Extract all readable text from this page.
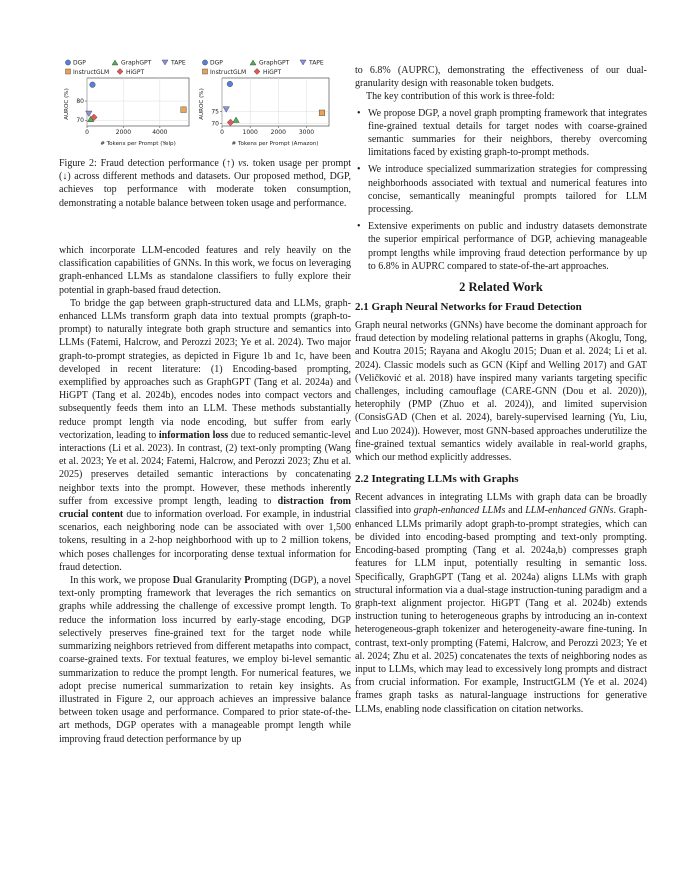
DGP	GraphGPT	TAPE
InstructGLM	HiGPT
DGP	GraphGPT	TAPE
InstructGLM	HiGPT
AUROC (%)
# Tokens per Prompt (Yelp)
0	2000	4000
70
80	AUROC (%)
# Tokens per Prompt (Amazon)
0	1000 2000 3000
70
75

Figure 2: Fraud detection performance (↑) vs. token usage per prompt (↓) across different methods and datasets. Our proposed method, DGP, achieves top performance with moderate token consumption, demonstrating a notable balance between token usage and performance.

which incorporate LLM-encoded features and rely heavily on the classification capabilities of GNNs. In this work, we focus on leveraging graph-enhanced LLMs as standalone classifiers to fully explore their potential in graph-based fraud detection.

To bridge the gap between graph-structured data and LLMs, graph-enhanced LLMs transform graph data into textual prompts (graph-to-prompt) to naturally integrate both graph structure and semantics into LLMs (Fatemi, Halcrow, and Perozzi 2023; Ye et al. 2024). Two major graph-to-prompt strategies, as depicted in Figure 1b and 1c, have been developed in recent literature: (1) Encoding-based prompting, exemplified by approaches such as GraphGPT (Tang et al. 2024a) and HiGPT (Tang et al. 2024b), encodes nodes into compact vectors and subsequently feeds them into an LLM. These methods substantially reduce prompt length via node encoding, but suffer from early vectorization, leading to information loss due to reduced semantic-level interactions (Li et al. 2023). In contrast, (2) text-only prompting (Wang et al. 2023; Ye et al. 2024; Fatemi, Halcrow, and Perozzi 2023; Zhu et al. 2025) preserves detailed semantic interactions by concatenating neighbor texts into the prompt. However, these methods inherently suffer from excessive prompt length, leading to distraction from crucial content due to information overload. For example, in industrial scenarios, each neighboring node can be associated with over 1,500 tokens, resulting in a 2-hop neighborhood with up to 2 million tokens, which poses challenges for incorporating dense textual information for fraud detection.

In this work, we propose Dual Granularity Prompting (DGP), a novel text-only prompting framework that leverages the rich semantics on graphs while addressing the challenge of excessive prompt length. To reduce the information loss incurred by early-stage encoding, DGP selectively preserves fine-grained text for the target node while summarizing neighbors retrieved from different metapaths into compact, coarse-grained texts. For textual features, we employ bi-level semantic summarization to reduce the prompt length. For numerical features, we adopt precise numerical summarization to retain key insights. As illustrated in Figure 2, our approach achieves an impressive balance between token usage and performance. Compared to prior state-of-the-art methods, DGP operates with a manageable prompt length while improving fraud detection performance by up

to 6.8% (AUPRC), demonstrating the effectiveness of our dual-granularity design with reasonable token budgets.

The key contribution of this work is three-fold:

• We propose DGP, a novel graph prompting framework that integrates fine-grained textual details for target nodes with coarse-grained semantic summaries for their neighbors, thereby overcoming limitations faced by existing graph-to-prompt methods.
• We introduce specialized summarization strategies for compressing neighborhoods associated with textual and numerical features into concise, semantically meaningful prompts tailored for LLM processing.
• Extensive experiments on public and industry datasets demonstrate the superior empirical performance of DGP, achieving manageable prompt lengths while improving fraud detection performance by up to 6.8% in AUPRC compared to state-of-the-art approaches.
2 Related Work
2.1 Graph Neural Networks for Fraud Detection

Graph neural networks (GNNs) have become the dominant approach for fraud detection by modeling relational patterns in graphs (Akoglu, Tong, and Koutra 2015; Rayana and Akoglu 2015; Duan et al. 2024; Li et al. 2024). Classic models such as GCN (Kipf and Welling 2017) and GAT (Veličković et al. 2018) have inspired many variants targeting specific challenges, including camouflage (CARE-GNN (Dou et al. 2020)), heterophily (PMP (Zhuo et al. 2024)), and limited supervision (ConsisGAD (Chen et al. 2024), barely-supervised learning (Yu, Liu, and Luo 2024)). However, most GNN-based approaches underutilize the fine-grained textual semantics widely available in real-world graphs, which our method explicitly addresses.

2.2 Integrating LLMs with Graphs

Recent advances in integrating LLMs with graph data can be broadly classified into graph-enhanced LLMs and LLM-enhanced GNNs. Graph-enhanced LLMs primarily adopt graph-to-prompt strategies, which can be divided into encoding-based prompting and text-only prompting. Encoding-based prompting (Tang et al. 2024a,b) compresses graph features for LLM input, potentially resulting in semantic loss. Specifically, GraphGPT (Tang et al. 2024a) aligns LLMs with graph structural information via a dual-stage instruction-tuning paradigm and a graph-text alignment projector. HiGPT (Tang et al. 2024b) extends instruction tuning to heterogeneous graphs by introducing an in-context heterogeneous-graph tokenizer and heterogeneity-aware fine-tuning. In contrast, text-only prompting (Fatemi, Halcrow, and Perozzi 2023; Ye et al. 2024; Zhu et al. 2025) concatenates the texts of neighboring nodes as input to LLMs, which may lead to excessively long prompts and distract from crucial information. For example, InstructGLM (Ye et al. 2024) frames graph tasks as natural-language instructions for generative LLMs, enabling node classification on citation networks.
